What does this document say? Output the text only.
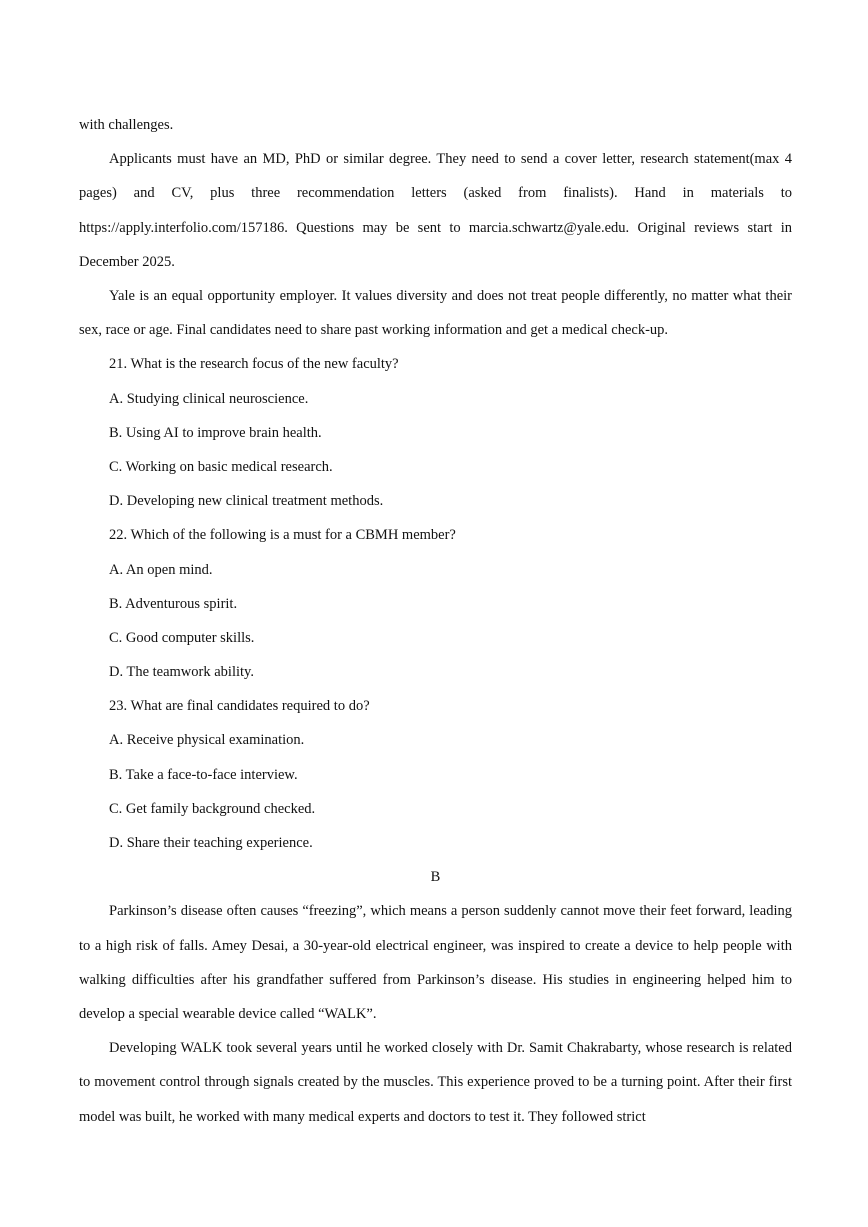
with challenges.

Applicants must have an MD, PhD or similar degree. They need to send a cover letter, research statement(max 4 pages) and CV, plus three recommendation letters (asked from finalists). Hand in materials to https://apply.interfolio.com/157186. Questions may be sent to marcia.schwartz@yale.edu. Original reviews start in December 2025.

Yale is an equal opportunity employer. It values diversity and does not treat people differently, no matter what their sex, race or age. Final candidates need to share past working information and get a medical check-up.

21. What is the research focus of the new faculty?

A. Studying clinical neuroscience.

B. Using AI to improve brain health.

C. Working on basic medical research.

D. Developing new clinical treatment methods.

22. Which of the following is a must for a CBMH member?

A. An open mind.

B. Adventurous spirit.

C. Good computer skills.

D. The teamwork ability.

23. What are final candidates required to do?

A. Receive physical examination.

B. Take a face-to-face interview.

C. Get family background checked.

D. Share their teaching experience.

B

Parkinson’s disease often causes “freezing”, which means a person suddenly cannot move their feet forward, leading to a high risk of falls. Amey Desai, a 30-year-old electrical engineer, was inspired to create a device to help people with walking difficulties after his grandfather suffered from Parkinson’s disease. His studies in engineering helped him to develop a special wearable device called “WALK”.

Developing WALK took several years until he worked closely with Dr. Samit Chakrabarty, whose research is related to movement control through signals created by the muscles. This experience proved to be a turning point. After their first model was built, he worked with many medical experts and doctors to test it. They followed strict
